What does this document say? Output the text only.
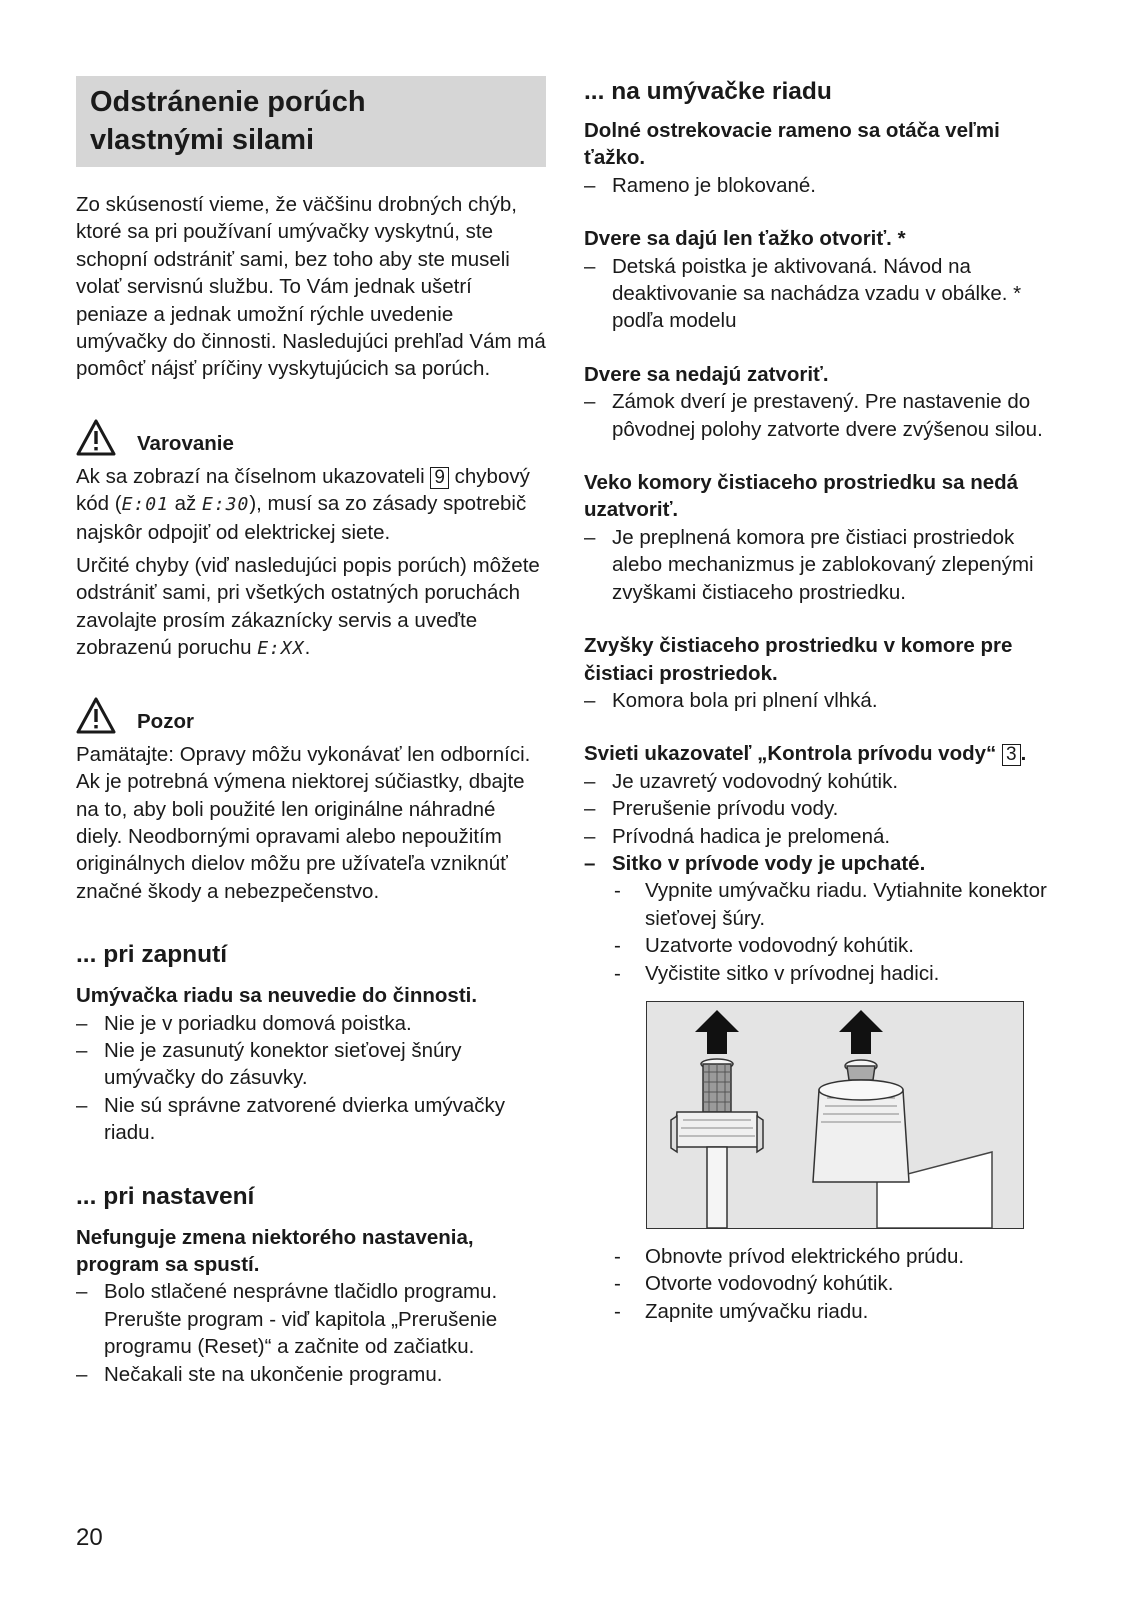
Odstránenie porúch
vlastnými silami

Zo skúseností vieme, že väčšinu drobných chýb, ktoré sa pri používaní umývačky vyskytnú, ste schopní odstrániť sami, bez toho aby ste museli volať servisnú službu. To Vám jednak ušetrí peniaze a jednak umožní rýchle uvedenie umývačky do činnosti. Nasledujúci prehľad Vám má pomôcť nájsť príčiny vyskytujúcich sa porúch.

Varovanie

Ak sa zobrazí na číselnom ukazovateli 9 chybový kód (E:01 až E:30), musí sa zo zásady spotrebič najskôr odpojiť od elektrickej siete.

Určité chyby (viď nasledujúci popis porúch) môžete odstrániť sami, pri všetkých ostatných poruchách zavolajte prosím zákaznícky servis a uveďte zobrazenú poruchu E:XX.

Pozor

Pamätajte: Opravy môžu vykonávať len odborníci. Ak je potrebná výmena niektorej súčiastky, dbajte na to, aby boli použité len originálne náhradné diely. Neodbornými opravami alebo nepoužitím originálnych dielov môžu pre užívateľa vzniknúť značné škody a nebezpečenstvo.

... pri zapnutí
Umývačka riadu sa neuvedie do činnosti.
– Nie je v poriadku domová poistka.
– Nie je zasunutý konektor sieťovej šnúry umývačky do zásuvky.
– Nie sú správne zatvorené dvierka umývačky riadu.
... pri nastavení
Nefunguje zmena niektorého nastavenia, program sa spustí.
– Bolo stlačené nesprávne tlačidlo programu. Prerušte program - viď kapitola „Prerušenie programu (Reset)“ a začnite od začiatku.
– Nečakali ste na ukončenie programu.
... na umývačke riadu
Dolné ostrekovacie rameno sa otáča veľmi ťažko.
– Rameno je blokované.
Dvere sa dajú len ťažko otvoriť. *
– Detská poistka je aktivovaná. Návod na deaktivovanie sa nachádza vzadu v obálke. * podľa modelu
Dvere sa nedajú zatvoriť.
– Zámok dverí je prestavený. Pre nastavenie do pôvodnej polohy zatvorte dvere zvýšenou silou.
Veko komory čistiaceho prostriedku sa nedá uzatvoriť.
– Je preplnená komora pre čistiaci prostriedok alebo mechanizmus je zablokovaný zlepenými zvyškami čistiaceho prostriedku.
Zvyšky čistiaceho prostriedku v komore pre čistiaci prostriedok.
– Komora bola pri plnení vlhká.
Svieti ukazovateľ „Kontrola prívodu vody“ 3 .
– Je uzavretý vodovodný kohútik.
– Prerušenie prívodu vody.
– Prívodná hadica je prelomená.
– Sitko v prívode vody je upchaté.
- Vypnite umývačku riadu. Vytiahnite konektor sieťovej šúry.
- Uzatvorte vodovodný kohútik.
- Vyčistite sitko v prívodnej hadici.
- Obnovte prívod elektrického prúdu.
- Otvorte vodovodný kohútik.
- Zapnite umývačku riadu.
20
